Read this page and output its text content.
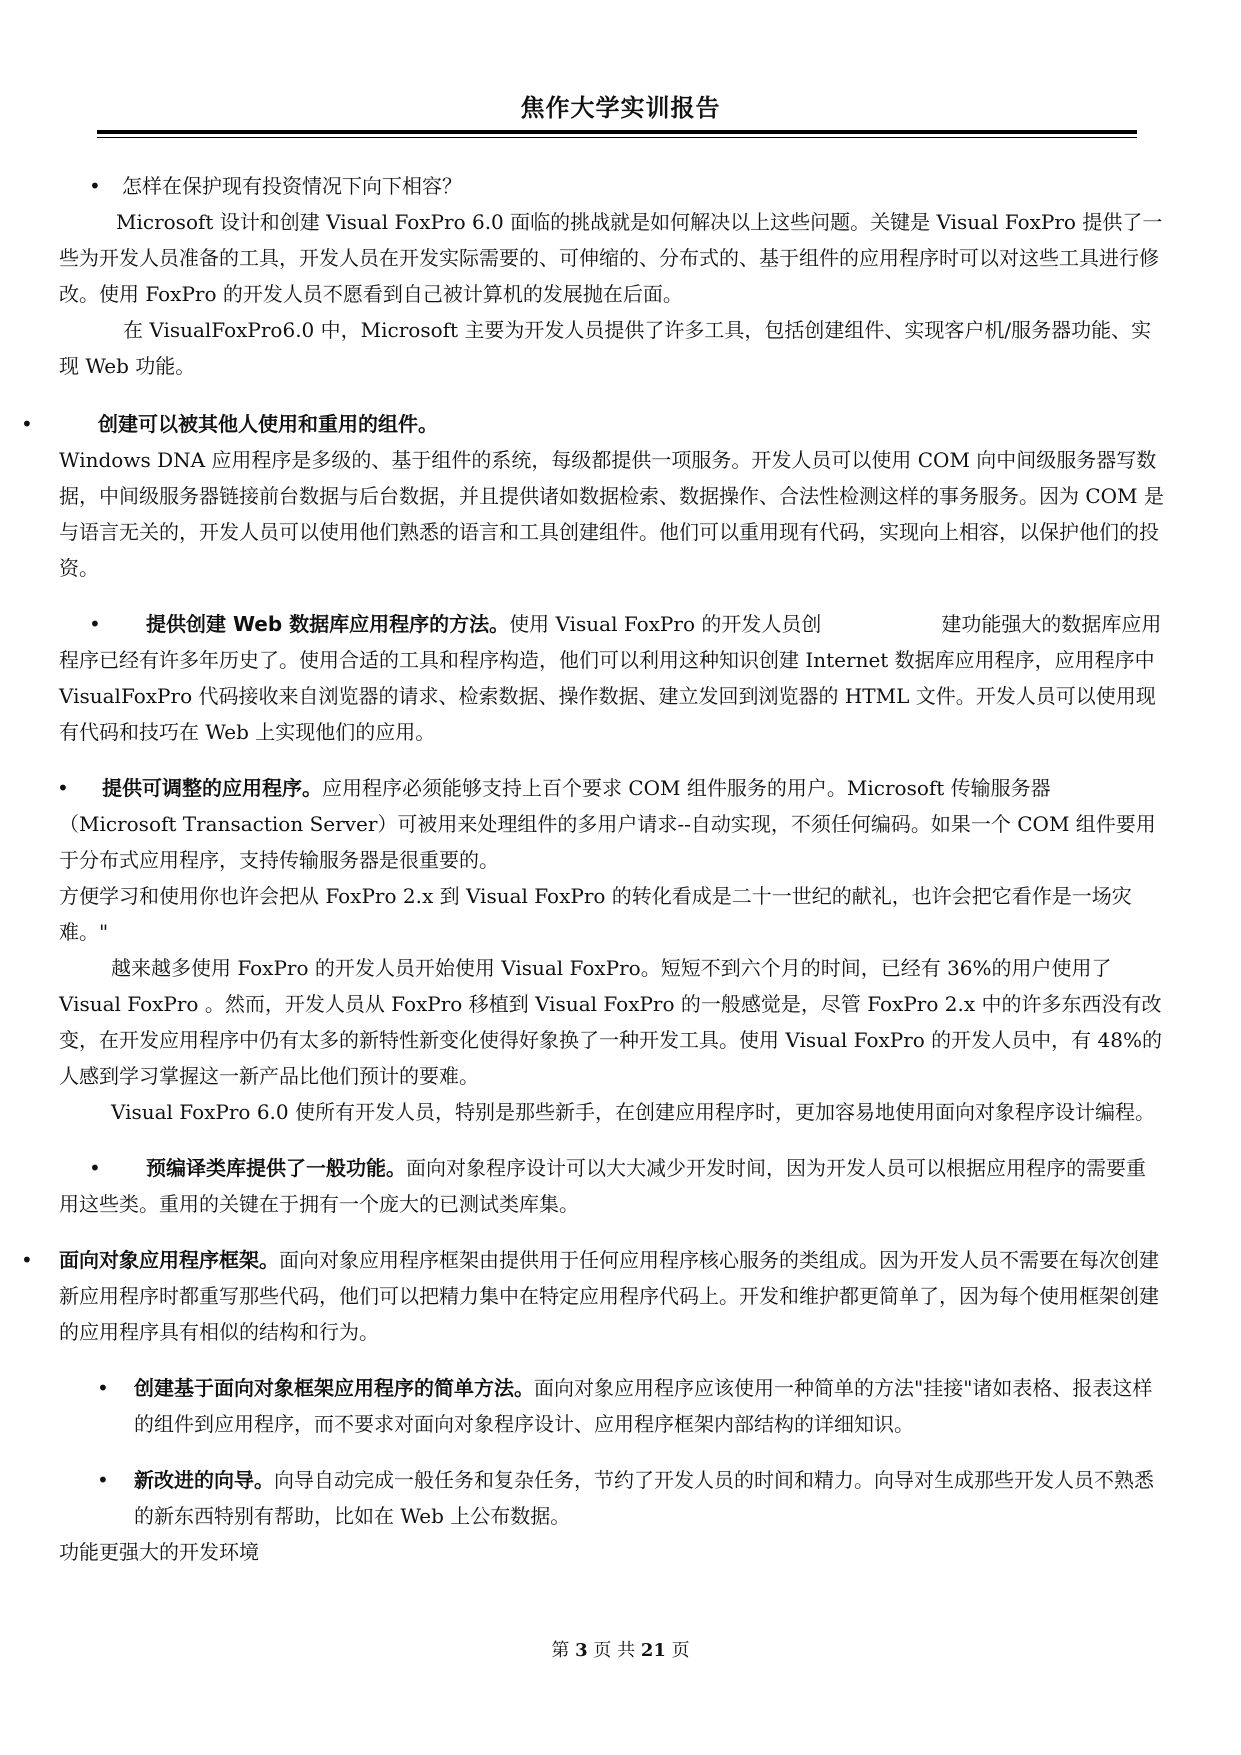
焦作大学实训报告

• 怎样在保护现有投资情况下向下相容？

Microsoft 设计和创建 Visual FoxPro 6.0 面临的挑战就是如何解决以上这些问题。关键是 Visual FoxPro 提供了一些为开发人员准备的工具，开发人员在开发实际需要的、可伸缩的、分布式的、基于组件的应用程序时可以对这些工具进行修改。使用 FoxPro 的开发人员不愿看到自己被计算机的发展抛在后面。

在 VisualFoxPro6.0 中，Microsoft 主要为开发人员提供了许多工具，包括创建组件、实现客户机/服务器功能、实现 Web 功能。

•	创建可以被其他人使用和重用的组件。

Windows DNA 应用程序是多级的、基于组件的系统，每级都提供一项服务。开发人员可以使用 COM 向中间级服务器写数据，中间级服务器链接前台数据与后台数据，并且提供诸如数据检索、数据操作、合法性检测这样的事务服务。因为 COM 是与语言无关的，开发人员可以使用他们熟悉的语言和工具创建组件。他们可以重用现有代码，实现向上相容，以保护他们的投资。

• 提供创建 Web 数据库应用程序的方法。使用 Visual FoxPro 的开发人员创　　　　　　建功能强大的数据库应用程序已经有许多年历史了。使用合适的工具和程序构造，他们可以利用这种知识创建 Internet 数据库应用程序，应用程序中 VisualFoxPro 代码接收来自浏览器的请求、检索数据、操作数据、建立发回到浏览器的 HTML 文件。开发人员可以使用现有代码和技巧在 Web 上实现他们的应用。

• 提供可调整的应用程序。应用程序必须能够支持上百个要求 COM 组件服务的用户。Microsoft 传输服务器（Microsoft Transaction Server）可被用来处理组件的多用户请求--自动实现，不须任何编码。如果一个 COM 组件要用于分布式应用程序，支持传输服务器是很重要的。

方便学习和使用你也许会把从 FoxPro 2.x 到 Visual FoxPro 的转化看成是二十一世纪的献礼，也许会把它看作是一场灾难。"

越来越多使用 FoxPro 的开发人员开始使用 Visual FoxPro。短短不到六个月的时间，已经有 36%的用户使用了 Visual FoxPro 。然而，开发人员从 FoxPro 移植到 Visual FoxPro 的一般感觉是，尽管 FoxPro 2.x 中的许多东西没有改变，在开发应用程序中仍有太多的新特性新变化使得好象换了一种开发工具。使用 Visual FoxPro 的开发人员中，有 48%的人感到学习掌握这一新产品比他们预计的要难。

Visual FoxPro 6.0 使所有开发人员，特别是那些新手，在创建应用程序时，更加容易地使用面向对象程序设计编程。

• 预编译类库提供了一般功能。面向对象程序设计可以大大减少开发时间，因为开发人员可以根据应用程序的需要重用这些类。重用的关键在于拥有一个庞大的已测试类库集。

• 面向对象应用程序框架。面向对象应用程序框架由提供用于任何应用程序核心服务的类组成。因为开发人员不需要在每次创建新应用程序时都重写那些代码，他们可以把精力集中在特定应用程序代码上。开发和维护都更简单了，因为每个使用框架创建的应用程序具有相似的结构和行为。

• 创建基于面向对象框架应用程序的简单方法。面向对象应用程序应该使用一种简单的方法"挂接"诸如表格、报表这样的组件到应用程序，而不要求对面向对象程序设计、应用程序框架内部结构的详细知识。

• 新改进的向导。向导自动完成一般任务和复杂任务，节约了开发人员的时间和精力。向导对生成那些开发人员不熟悉的新东西特别有帮助，比如在 Web 上公布数据。

功能更强大的开发环境

第 3 页 共 21 页
